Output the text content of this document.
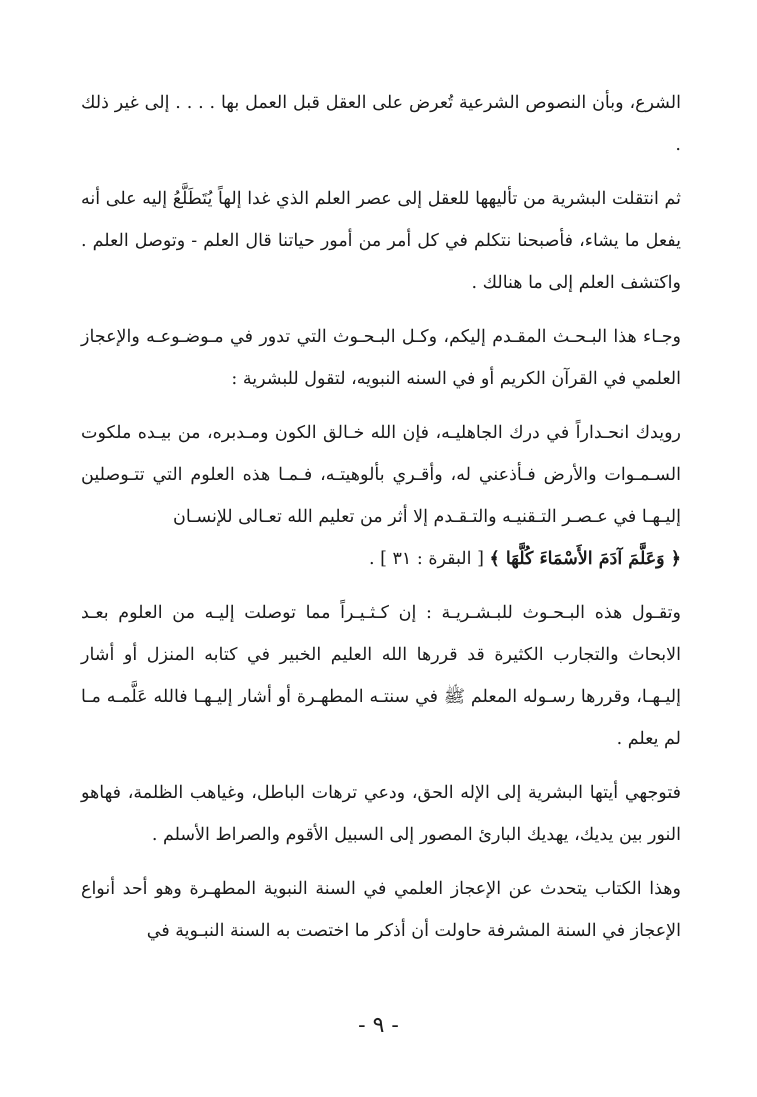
الشرع، وبأن النصوص الشرعية تُعرض على العقل قبل العمل بها . . . . إلى غير ذلك .

ثم انتقلت البشرية من تأليهها للعقل إلى عصر العلم الذي غدا إلهاً يُتَطَلَّعُ إليه على أنه يفعل ما يشاء، فأصبحنا نتكلم في كل أمر من أمور حياتنا قال العلم - وتوصل العلم . واكتشف العلم إلى ما هنالك .

وجـاء هذا البـحـث المقـدم إليكم، وكـل البـحـوث التي تدور في مـوضـوعـه والإعجاز العلمي في القرآن الكريم أو في السنه النبويه، لتقول للبشرية :

رويدك انحـداراً في درك الجاهليـه، فإن الله خـالق الكون ومـدبره، من بيـده ملكوت السـمـوات والأرض فـأذعني له، وأقـري بألوهيتـه، فـمـا هذه العلوم التي تتـوصلين إليـهـا في عـصـر التـقنيـه والتـقـدم إلا أثر من تعليم الله تعـالى للإنسـان

﴿ وَعَلَّمَ آدَمَ الأَسْمَاءَ كُلَّهَا ﴾ [ البقرة : ٣١ ] .

وتقـول هذه البـحـوث للبـشـريـة : إن كـثـيـراً مما توصلت إليـه من العلوم بعـد الابحاث والتجارب الكثيرة قد قررها الله العليم الخبير في كتابه المنزل أو أشار إليـهـا، وقررها رسـوله المعلم ﷺ في سنتـه المطهـرة أو أشار إليـهـا فالله عَلَّمـه مـا لم يعلم .

فتوجهي أيتها البشرية إلى الإله الحق، ودعي ترهات الباطل، وغياهب الظلمة، فهاهو النور بين يديك، يهديك البارئ المصور إلى السبيل الأقوم والصراط الأسلم .

وهذا الكتاب يتحدث عن الإعجاز العلمي في السنة النبوية المطهـرة وهو أحد أنواع الإعجاز في السنة المشرفة حاولت أن أذكر ما اختصت به السنة النبـوية في

- ٩ -
